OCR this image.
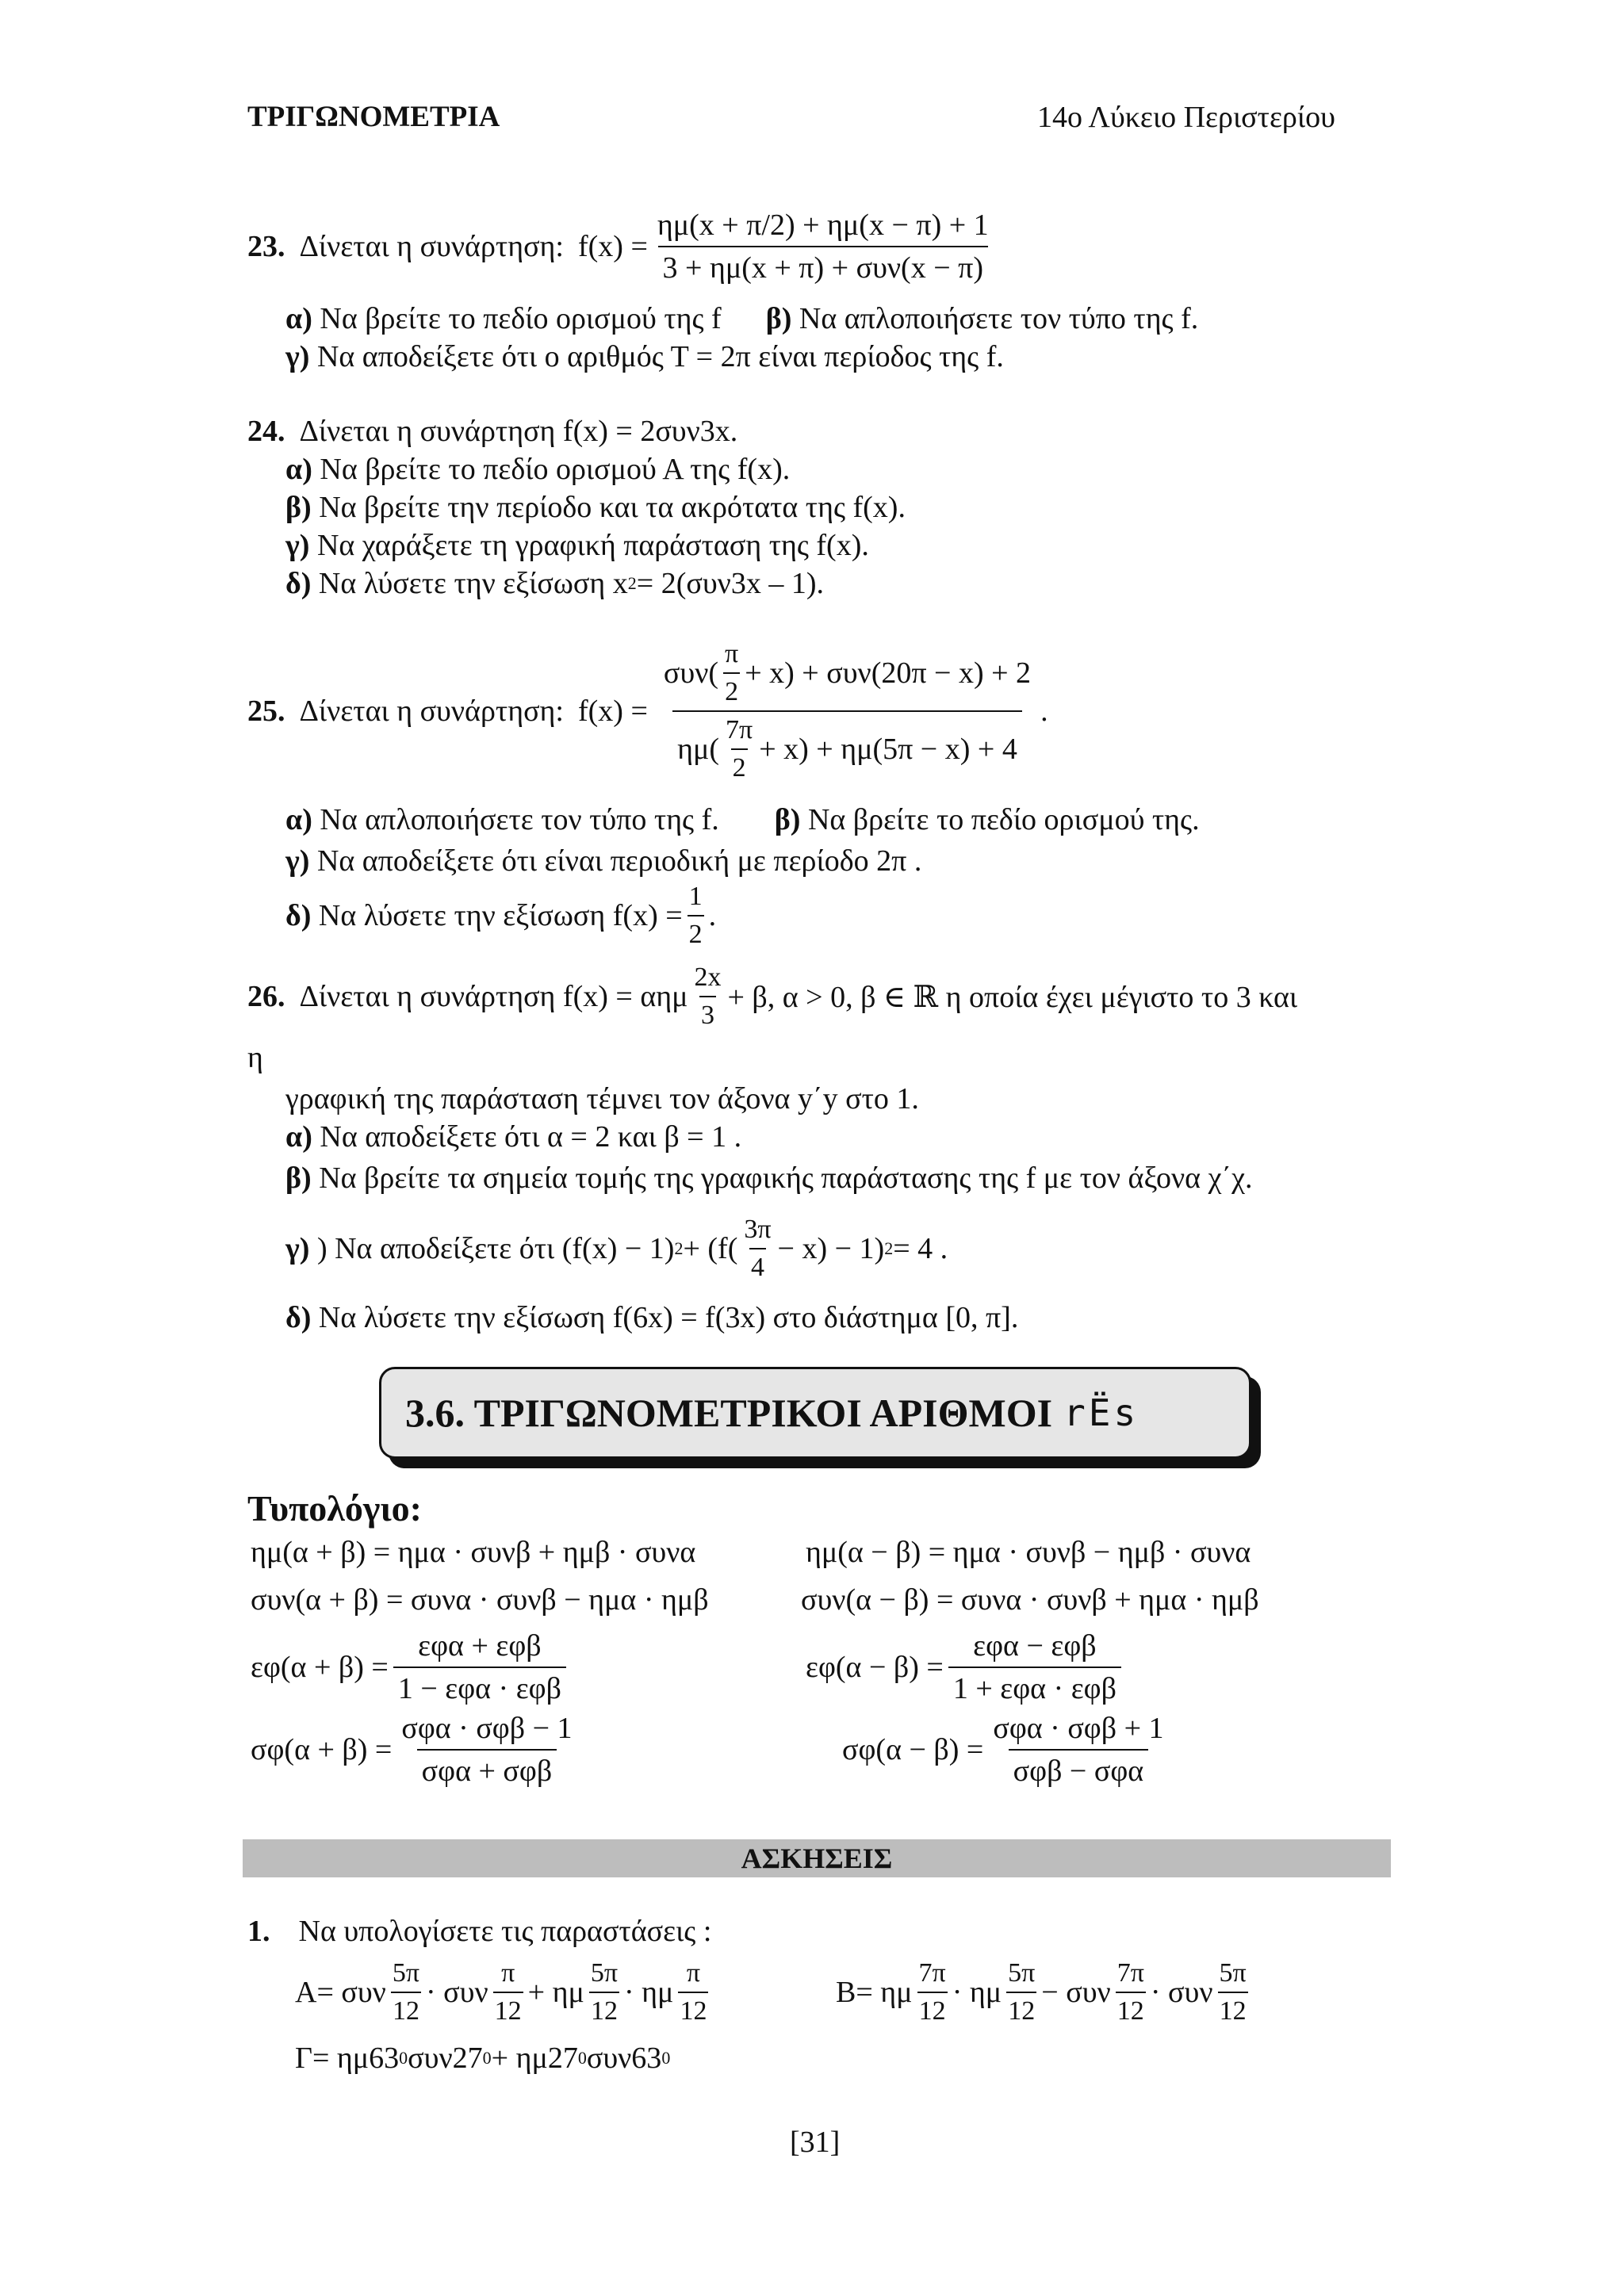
ΤΡΙΓΩΝΟΜΕΤΡΙΑ	14ο Λύκειο Περιστερίου
23. Δίνεται η συνάρτηση: $f(x) = \frac{\eta\mu(x + \pi/2) + \eta\mu(x - \pi) + 1}{\text{3 + ημ(x + π) + συν(x − π)}}$
α)
Να βρείτε το πεδίο ορισμού της f β)
Να απλοποιήσετε τον τύπο της f.
γ)
Να αποδείξετε ότι ο αριθμός Τ = 2π είναι περίοδος της f.
24. Δίνεται η συνάρτηση f(x) = 2συν3x.
α)
Να βρείτε το πεδίο ορισμού Α της f(x).
β)
Να βρείτε την περίοδο και τα ακρότατα της f(x).
γ)
Να χαράξετε τη γραφική παράσταση της f(x).
δ)
Να λύσετε την εξίσωση x 2 = 2(συν3x – 1).
25. Δίνεται η συνάρτηση: $f(x) = \frac{\sigma\upsilon\nu( \frac{\pi}{2} + x) + \sigma\upsilon\nu(20\pi - x) + 2}{\eta\mu( \frac{7\pi}{2} + x) + \eta\mu(5\pi - x) + 4}$ .
α)
Να απλοποιήσετε τον τύπο της f. β)
Να βρείτε το πεδίο ορισμού της.
γ)
Να αποδείξετε ότι είναι περιοδική με περίοδο 2π .
δ)
Να λύσετε την εξίσωση $f(x) = \frac{1}{2}$ .
26. Δίνεται η συνάρτηση f(x) = αημ $\frac{2x}{3} + \beta$, α > 0, β ∈ ℝ η οποία έχει μέγιστο το 3 και
η
γραφική της παράσταση τέμνει τον άξονα y΄y στο 1.
α)
Να αποδείξετε ότι α = 2 και β = 1 .
β)
Να βρείτε τα σημεία τομής της γραφικής παράστασης της f με τον άξονα χ΄χ.
γ)
) Να αποδείξετε ότι (f(x) − 1) $2 + (f( \frac{3\pi}{4} - x) - 1)$ 2 = 4 .
δ)
Να λύσετε την εξίσωση f(6x) = f(3x) στο διάστημα [0, π].
3.6. ΤΡΙΓΩΝΟΜΕΤΡΙΚΟΙ ΑΡΙΘΜΟΙ rËs
Τυπολόγιο:
ημ(α + β) = ημα · συνβ + ημβ · συνα	ημ(α − β) = ημα · συνβ − ημβ · συνα
συν(α + β) = συνα · συνβ − ημα · ημβ	συν(α − β) = συνα · συνβ + ημα · ημβ
$\varepsilon\varphi(\alpha + \beta) = \frac{\text{εφα + εφβ}}{\text{1 − εφα · εφβ}}$	$\varepsilon\varphi(\alpha - \beta) = \frac{\text{εφα − εφβ}}{\text{1 + εφα · εφβ}}$
$\sigma\varphi(\alpha + \beta) = \frac{\text{σφα · σφβ − 1}}{\text{σφα + σφβ}}$	$\sigma\varphi(\alpha - \beta) = \frac{\text{σφα · σφβ + 1}}{\text{σφβ − σφα}}$
ΑΣΚΗΣΕΙΣ
1. Να υπολογίσετε τις παραστάσεις :
Α= συν $\frac{5\pi}{12} \cdot \sigma\upsilon\nu \frac{\pi}{12} + \eta\mu \frac{5\pi}{12} \cdot \eta\mu \frac{\pi}{12}$	Β= ημ $\frac{7\pi}{12} \cdot \eta\mu \frac{5\pi}{12} - \sigma\upsilon\nu \frac{7\pi}{12} \cdot \sigma\upsilon\nu \frac{5\pi}{12}$
Γ= ημ63 0 συν27 0 + ημ27 0 συν63 0
[31]
